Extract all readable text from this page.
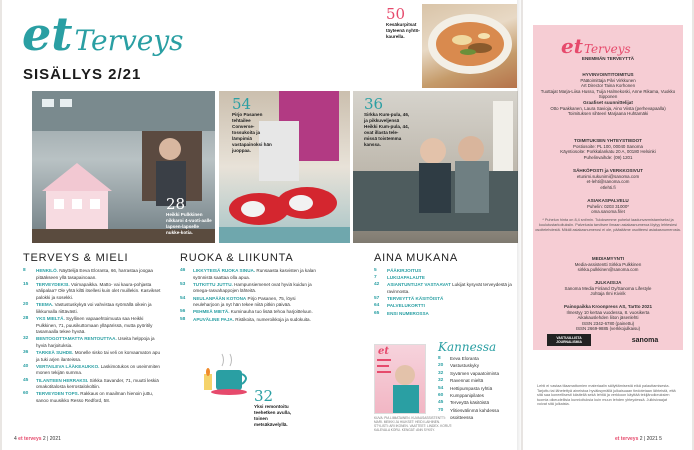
et Terveys
SISÄLLYS 2/21
50
Kesäkurpitsat täyteenä nyhtö-kaurella.
28
Heikki Pulkkinen nikkaroi 4-vuoti-aalle lapsen-lapselle nukke-kotia.
54
Pirjo Pasanen tehtailee Converse-tossukoita ja lämpimiä vastapainoksi hän juoppaa.
36
Sirkka Kum-pula, 46, ja pikkuveljensä Heikki Kum-pula, 44, ovat illasta tele-missä toistemma kanssa.
TERVEYS & MIELI
8	HENKILÖ. Näyttelijä Eeva Eloranta, 66, harrastaa joogaa pitääkseen yllä tasapainoaan.
15	TERVEYDEKSI. Voimapaikka. Matto- vai kaura-pohjasta välipalaa? Ole yhtä kiltti itsellesi kuin olet muillekin. Kasvikset palokki ja sosekki.
20	TEEMA. Vastustuskykyä voi vahvistaa syömällä oikein ja liikkumalla riittävästi.
28	YKS MIELTÄ. Syyllinen vapaaehtoimuuta saa Heikki Pulkkinen, 71, puusikuttomaan ylläpärissä, mutta pyöritily tasamaalla tekee hyvää.
32	BENTOGOTTAMATTA RENTOUTTAA. Useita helppoja ja hyviä harjoituksia.
36	TARKEÄ SUHDE. Monelle sisko tai veli on korvaamaton apu ja tuki arjen ilanteissa.
40	VERTAILEVA LÄÄKEAUKKO. Laskimotukos on useimmiten monen tekijän summa.
45	TILANTEEN HERRAKSI. Sirkka Savander, 71, muutti leskiä omakotitalosta kerrostalokoltiin.
60	TERVEYDEN TOPS. Rakkaus on maailman hienoin juttu, sanoo muusikko Resso Redford, 58.
RUOKA & LIIKUNTA
46	LIKKYTEISÄ RUOKA SINUA. Runsaasta kasvisten ja kalan syönnistä saattaa olla apua.
53	TUTKITTU JUTTU. Hampunsiemenet ovat hyviä kuidun ja omega-rasvahappojen lähteitä.
54	NEULANPÄÄN KOTONA Pirjo Pasanen, 75, löysi neuleharjoon ja nyt hän tekee niitä pitkin päivää.
56	PEHMEÄ MIETÄ. Kuminauha tuo lisää tehoa harjoitteluun.
58	APUVÄLINE PAJA. Ristikoita, numeroikkoja ja sudokuita.
32
Yksi remontoitu teehetken avulla, toinen metsäkävelyllä.
AINA MUKANA
5	PÄÄKIRJOITUS
7	LUKIJAPALAUTE
42	ASIANTUNTIJAT VASTAAVAT Lukijat kysyvät terveydestä ja ravinnosta.
57	TERVEYTTÄ KÄSITÖISTÄ
64	PALVELUKORTTI
65	ENSI NUMEROSSA
et	Kannessa
8	Eeva Eloranta
20	Vastustuskyky
32	Syvämen vapaatoiminta
32	Ravennat mieltä
54	Hettipumpasta ryhtiä
60	Kumppanipilates
45	Terveyttä käsitöistä
70	Ylitiesvälinmä kahdessa osoitteessa
KUVA: PIA LIIMATAINEN. KUVAUSASSISTENTTI: MARI. MEIKKI JA HIUKSET: HEIDI LAIHINEN. STYLISTI: ARI IKONEN. VAATTEET: LINDEX. KORUT: KALEVALA KORU. KENGÄT: ANN SYKSY.
4 et terveys 2 | 2021
et Terveys
ENEMMÄN TERVEYTTÄ
HYVINVOINTITOIMITUS
Päätoimittaja Pilvi Virkkunen
Art Director Taina Korhonen
Tuottajat Marja-Liisa Husso, Tuija Halmekoski, Anne Rikama, Vuokko Sipponen
Graafiset suunnittelijat
Otto Paakkanen, Laura Savioja, Aino Viista (perhevapaalla)
Toimituksen sihteeri Marjaana Huhtamäki
TOIMITUKSEN YHTEYSTIEDOT
Postiosoite: PL 100, 00040 Sanoma
Käyntiosoite: Porkkalankatu 20 A, 00180 Helsinki
Puhelinvaihde: (09) 1201
SÄHKÖPOSTI ja VERKKOSIVUT
etunimi.sukunimi@sanoma.com
et-lehti@sanoma.com
etlehti.fi
ASIAKASPALVELU
Puhelin: 0203 31000*
oma.sanoma.fi/et
* Puhelun hinta on 8,4 snt/min. Tuloksemme puhelut laadunvarmistamiseksi ja koulutustarkoituksiin. Palvelusta tarvitsee ilmaan asiakasnumeroa löytyy lehtesiesi osoitelehdestä. Mikäli asiakasnumerosi ei ole, pääsitäme osoitteesi asiakasnumerosta.
MEDIAMYYNTI
Media-assistentti Sirkka Pulkkinen
sirkka.pulkkinen@sanoma.com
JULKAISIJA
Sanoma Media Finland Oy/Sanoma Lifestyle
Johtaja Ilmi Kivirik
Painopaikka Kroonpress AS, Tartto 2021
Ilmestyy 10 kertaa vuodessa, 8. vuosikerta
Aikakauslehden liiton jäsenlehti
ISSN 2342-6780 (painettu)
ISSN 2669-9885 (verkkojulkaisu)
VASTUULLISTA JOURNALISMIA	sanoma
Lehti ei vastaa tilaamattomien materiaalin säilyttämisestä eikä palauttamisesta. Tarjottu tai lähetettyä aineistoa hyväksymällä julkaisuaan tiedotetaan lähteistä, että sitä saa koneellisesti käsitellä sekä lehtiä ja verkkoon käyttää tekijänoikeuksien tuomia oikeudellisia kunnioituksia kuin muun lehden yhteydessä. Julkisivaajat voivat sitä julkaista.
et terveys 2 | 2021 5
